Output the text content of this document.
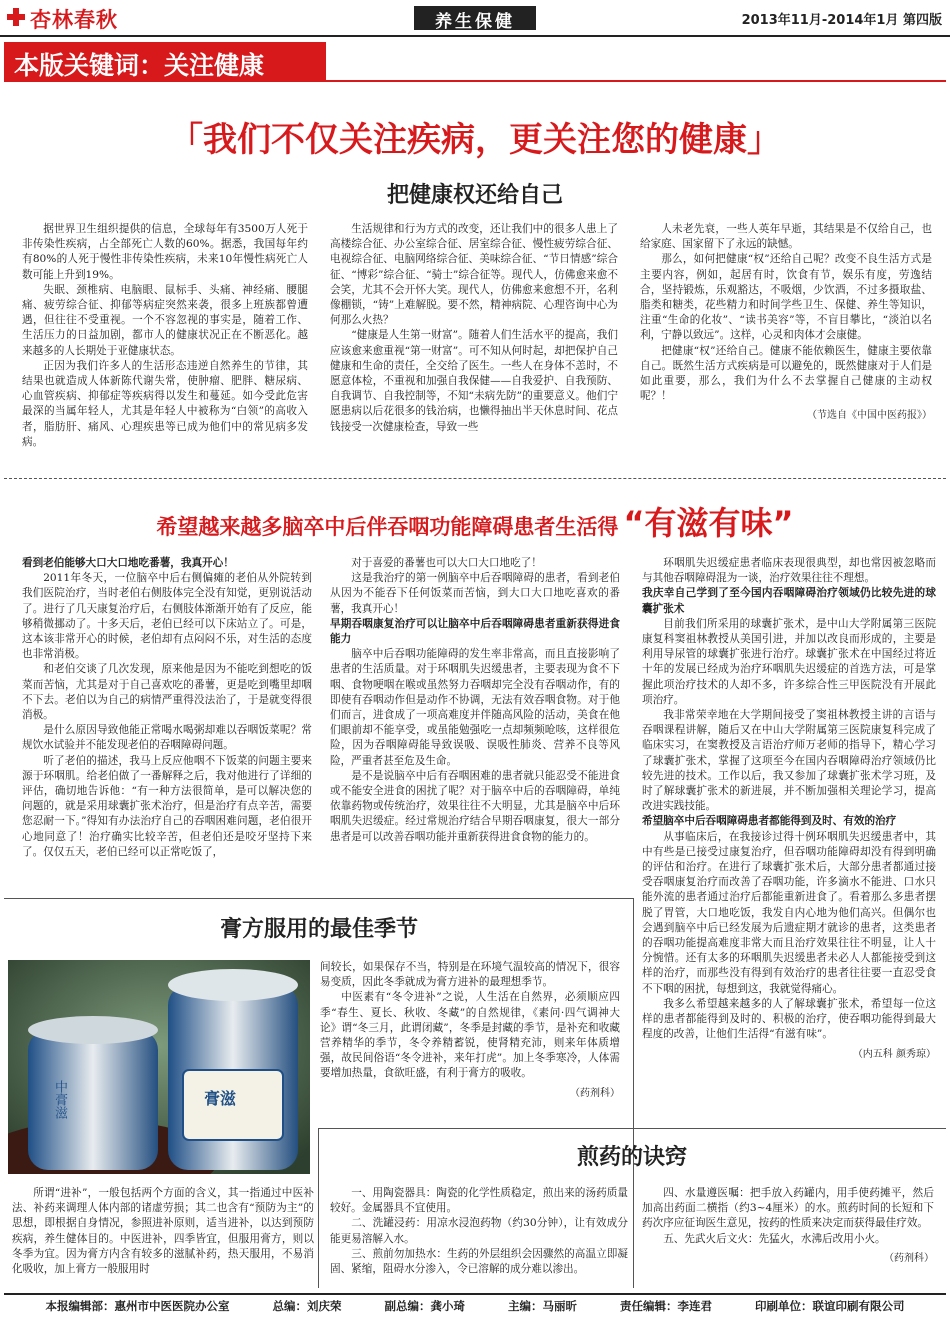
杏林春秋	养生保健	2013年11月-2014年1月 第四版
本版关键词：关注健康
「我们不仅关注疾病，更关注您的健康」
把健康权还给自己

据世界卫生组织提供的信息，全球每年有3500万人死于非传染性疾病，占全部死亡人数的60%。据悉，我国每年约有80%的人死于慢性非传染性疾病，未来10年慢性病死亡人数可能上升到19%。

失眠、颈椎病、电脑眼、鼠标手、头痛、神经痛、腰腿痛、疲劳综合征、抑郁等病症突然来袭，很多上班族都曾遭遇，但往往不受重视。一个不容忽视的事实是，随着工作、生活压力的日益加剧，都市人的健康状况正在不断恶化。越来越多的人长期处于亚健康状态。

正因为我们许多人的生活形态违逆自然养生的节律，其结果也就造成人体新陈代谢失常，使肿瘤、肥胖、糖尿病、心血管疾病、抑郁症等疾病得以发生和蔓延。如今受此危害最深的当属年轻人，尤其是年轻人中被称为“白领”的高收入者，脂肪肝、痛风、心理疾患等已成为他们中的常见病多发病。

生活规律和行为方式的改变，还让我们中的很多人患上了高楼综合征、办公室综合征、居室综合征、慢性疲劳综合征、电视综合征、电脑网络综合征、美味综合征、“节日情感”综合征、“博彩”综合征、“骑士”综合征等。现代人，仿佛愈来愈不会笑，尤其不会开怀大笑。现代人，仿佛愈来愈想不开，名利像棚锁，“铸”上难解脱。要不然，精神病院、心理咨询中心为何那么火热？

“健康是人生第一财富”。随着人们生活水平的提高，我们应该愈来愈重视“第一财富”。可不知从何时起，却把保护自己健康和生命的责任，全交给了医生。一些人在身体不恙时，不愿意体检，不重视和加强自我保健——自我爱护、自我预防、自我调节、自我控制等，不知“未病先防”的重要意义。他们宁愿患病以后花很多的钱治病，也懒得抽出半天休息时间、花点钱接受一次健康检查，导致一些

人未老先衰，一些人英年早逝，其结果是不仅给自己，也给家庭、国家留下了永远的缺憾。

那么，如何把健康“权”还给自己呢？改变不良生活方式是主要内容，例如，起居有时，饮食有节，娱乐有度，劳逸结合，坚持锻炼，乐观豁达，不吸烟，少饮酒，不过多摄取盐、脂类和糖类，花些精力和时间学些卫生、保健、养生等知识，注重“生命的化妆”、“读书美容”等，不盲目攀比，“淡泊以名利，宁静以致远”。这样，心灵和肉体才会康健。

把健康“权”还给自己。健康不能依赖医生，健康主要依靠自己。既然生活方式疾病是可以避免的，既然健康对于人们是如此重要，那么，我们为什么不去掌握自己健康的主动权呢？！

（节选自《中国中医药报》）
希望越来越多脑卒中后伴吞咽功能障碍患者生活得 “有滋有味”

看到老伯能够大口大口地吃番薯，我真开心！

2011年冬天，一位脑卒中后右侧偏瘫的老伯从外院转到我们医院治疗，当时老伯右侧肢体完全没有知觉，更别说活动了。进行了几天康复治疗后，右侧肢体渐渐开始有了反应，能够稍微挪动了。十多天后，老伯已经可以下床站立了。可是，这本该非常开心的时候，老伯却有点闷闷不乐，对生活的态度也非常消极。

和老伯交谈了几次发现，原来他是因为不能吃到想吃的饭菜而苦恼，尤其是对于自己喜欢吃的番薯，更是吃到嘴里却咽不下去。老伯以为自己的病情严重得没法治了，于是就变得很消极。

是什么原因导致他能正常喝水喝粥却难以吞咽饭菜呢？常规饮水试验并不能发现老伯的吞咽障碍问题。

听了老伯的描述，我马上反应他咽不下饭菜的问题主要来源于环咽肌。给老伯做了一番解释之后，我对他进行了详细的评估，确切地告诉他：“有一种方法很简单，是可以解决您的问题的，就是采用球囊扩张术治疗，但是治疗有点辛苦，需要您忍耐一下。”得知有办法治疗自己的吞咽困难问题，老伯很开心地同意了！治疗确实比较辛苦，但老伯还是咬牙坚持下来了。仅仅五天，老伯已经可以正常吃饭了，

对于喜爱的番薯也可以大口大口地吃了！

这是我治疗的第一例脑卒中后吞咽障碍的患者，看到老伯从因为不能吞下任何饭菜而苦恼，到大口大口地吃喜欢的番薯，我真开心！

早期吞咽康复治疗可以让脑卒中后吞咽障碍患者重新获得进食能力

脑卒中后吞咽功能障碍的发生率非常高，而且直接影响了患者的生活质量。对于环咽肌失迟缓患者，主要表现为食不下咽、食物哽咽在喉或虽然努力吞咽却完全没有吞咽动作，有的即使有吞咽动作但是动作不协调，无法有效吞咽食物。对于他们而言，进食成了一项高难度并伴随高风险的活动，美食在他们眼前却不能享受，或虽能勉强吃一点却频频呛咳，这样很危险，因为吞咽障碍能导致误吸、误吸性肺炎、营养不良等风险，严重者甚至危及生命。

是不是说脑卒中后有吞咽困难的患者就只能忍受不能进食或不能安全进食的困扰了呢？对于脑卒中后的吞咽障碍，单纯依靠药物或传统治疗，效果往往不大明显，尤其是脑卒中后环咽肌失迟缓症。经过常规治疗结合早期吞咽康复，很大一部分患者是可以改善吞咽功能并重新获得进食食物的能力的。

环咽肌失迟缓症患者临床表现很典型，却也常因被忽略而与其他吞咽障碍混为一谈，治疗效果往往不理想。

我庆幸自己学到了至今国内吞咽障碍治疗领域仍比较先进的球囊扩张术

目前我们所采用的球囊扩张术，是中山大学附属第三医院康复科窦祖林教授从美国引进，并加以改良而形成的，主要是利用导尿管的球囊扩张进行治疗。球囊扩张术在中国经过将近十年的发展已经成为治疗环咽肌失迟缓症的首选方法，可是掌握此项治疗技术的人却不多，许多综合性三甲医院没有开展此项治疗。

我非常荣幸地在大学期间接受了窦祖林教授主讲的言语与吞咽课程讲解，随后又在中山大学附属第三医院康复科完成了临床实习，在窦教授及言语治疗师万老师的指导下，精心学习了球囊扩张术，掌握了这项至今在国内吞咽障碍治疗领域仍比较先进的技术。工作以后，我又参加了球囊扩张术学习班，及时了解球囊扩张术的新进展，并不断加强相关理论学习，提高改进实践技能。

希望脑卒中后吞咽障碍患者都能得到及时、有效的治疗

从事临床后，在我接诊过得十例环咽肌失迟缓患者中，其中有些是已接受过康复治疗，但吞咽功能障碍却没有得到明确的评估和治疗。在进行了球囊扩张术后，大部分患者都通过接受吞咽康复治疗而改善了吞咽功能，许多滴水不能进、口水只能外流的患者通过治疗后都能重新进食了。看着那么多患者摆脱了胃管，大口地吃饭，我发自内心地为他们高兴。但偶尔也会遇到脑卒中后已经发展为后遗症期才就诊的患者，这类患者的吞咽功能提高难度非常大而且治疗效果往往不明显，让人十分惋惜。还有太多的环咽肌失迟缓患者未必人人都能接受到这样的治疗，而那些没有得到有效治疗的患者往往要一直忍受食不下咽的困扰，每想到这，我就觉得痛心。

我多么希望越来越多的人了解球囊扩张术，希望每一位这样的患者都能得到及时的、积极的治疗，使吞咽功能得到最大程度的改善，让他们生活得“有滋有味”。

（内五科 颜秀琼）
膏方服用的最佳季节
膏滋
中膏滋

间较长，如果保存不当，特别是在环境气温较高的情况下，很容易变质，因此冬季就成为膏方进补的最理想季节。

中医素有“冬令进补”之说，人生活在自然界，必须顺应四季“春生、夏长、秋收、冬藏”的自然规律，《素问·四气调神大论》谓“冬三月，此谓闭藏”，冬季是封藏的季节，是补充和收藏营养精华的季节，冬令养精蓄锐，使肾精充沛，则来年体质增强，故民间俗语“冬令进补，来年打虎”。加上冬季寒冷，人体需要增加热量，食欲旺盛，有利于膏方的吸收。

（药剂科）

所谓“进补”，一般包括两个方面的含义，其一指通过中医补法、补药来调理人体内部的诸虚劳损；其二也含有“预防为主”的思想，即根据自身情况，参照进补原则，适当进补，以达到预防疾病，养生健体目的。中医进补，四季皆宜，但服用膏方，则以冬季为宜。因为膏方内含有较多的滋腻补药，热天服用，不易消化吸收，加上膏方一般服用时

煎药的诀窍

一、用陶瓷器具：陶瓷的化学性质稳定，煎出来的汤药质量较好。金属器具不宜使用。

二、洗罐浸药：用凉水浸泡药物（约30分钟），让有效成分能更易溶解入水。

三、煎前勿加热水：生药的外层组织会因骤然的高温立即凝固、紧缩，阻碍水分渗入，令已溶解的成分难以渗出。

四、水量遵医嘱：把手放入药罐内，用手使药摊平，然后加高出药面二横指（约3~4厘米）的水。煎药时间的长短和下药次序应征询医生意见，按药的性质来决定而获得最佳疗效。

五、先武火后文火：先猛火，水沸后改用小火。

（药剂科）
本报编辑部：惠州市中医医院办公室	总编：刘庆荣	副总编：龚小琦	主编：马丽昕	责任编辑：李连君	印刷单位：联谊印刷有限公司
